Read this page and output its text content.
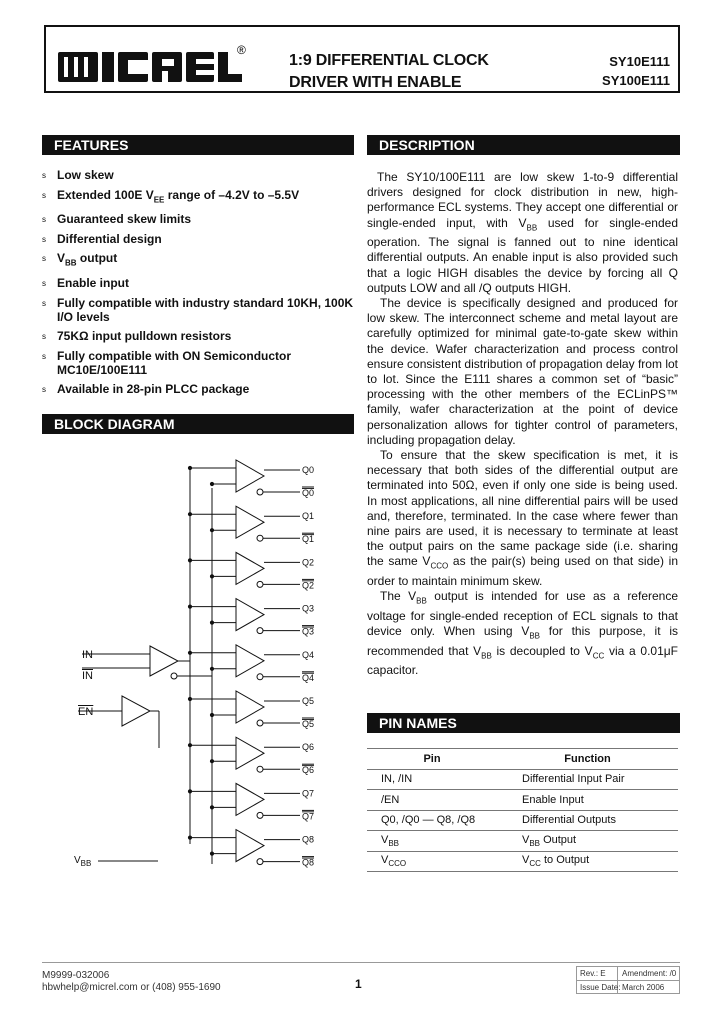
®
1:9 DIFFERENTIAL CLOCK
DRIVER WITH ENABLE
SY10E111
SY100E111
FEATURES
s Low skew
s Extended 100E $V_{EE}$ range of –4.2V to –5.5V
s Guaranteed skew limits
s Differential design
s $V_{BB}$ output
s Enable input
s Fully compatible with industry standard 10KH, 100K I/O levels
s 75KΩ input pulldown resistors
s Fully compatible with ON Semiconductor MC10E/100E111
s Available in 28-pin PLCC package
BLOCK DIAGRAM
Q0
Q0
Q1
Q1
Q2
Q2
Q3
Q3
Q4
Q4
Q5
Q5
Q6
Q6
Q7
Q7
Q8
Q8
IN
$\overline{IN}$
$\overline{EN}$
$V_{BB}$
DESCRIPTION

The SY10/100E111 are low skew 1-to-9 differential drivers designed for clock distribution in new, high-performance ECL systems. They accept one differential or single-ended input, with $V_{BB}$ used for single-ended operation. The signal is fanned out to nine identical differential outputs. An enable input is also provided such that a logic HIGH disables the device by forcing all Q outputs LOW and all /Q outputs HIGH.

The device is specifically designed and produced for low skew. The interconnect scheme and metal layout are carefully optimized for minimal gate-to-gate skew within the device. Wafer characterization and process control ensure consistent distribution of propagation delay from lot to lot. Since the E111 shares a common set of “basic” processing with the other members of the ECLinPS™ family, wafer characterization at the point of device personalization allows for tighter control of parameters, including propagation delay.

To ensure that the skew specification is met, it is necessary that both sides of the differential output are terminated into 50Ω, even if only one side is being used. In most applications, all nine differential pairs will be used and, therefore, terminated. In the case where fewer than nine pairs are used, it is necessary to terminate at least the output pairs on the same package side (i.e. sharing the same $V_{CCO}$ as the pair(s) being used on that side) in order to maintain minimum skew.

The $V_{BB}$ output is intended for use as a reference voltage for single-ended reception of ECL signals to that device only. When using $V_{BB}$ for this purpose, it is recommended that $V_{BB}$ is decoupled to $V_{CC}$ via a 0.01μF capacitor.

PIN NAMES
Pin	Function
IN, /IN	Differential Input Pair
/EN	Enable Input
Q0, /Q0 — Q8, /Q8	Differential Outputs
$V_{BB}$	$V_{BB}$ Output
$V_{CCO}$	$V_{CC}$ to Output
M9999-032006
hbwhelp@micrel.com or (408) 955-1690	1
Rev.: E Amendment: /0
Issue Date: March 2006
